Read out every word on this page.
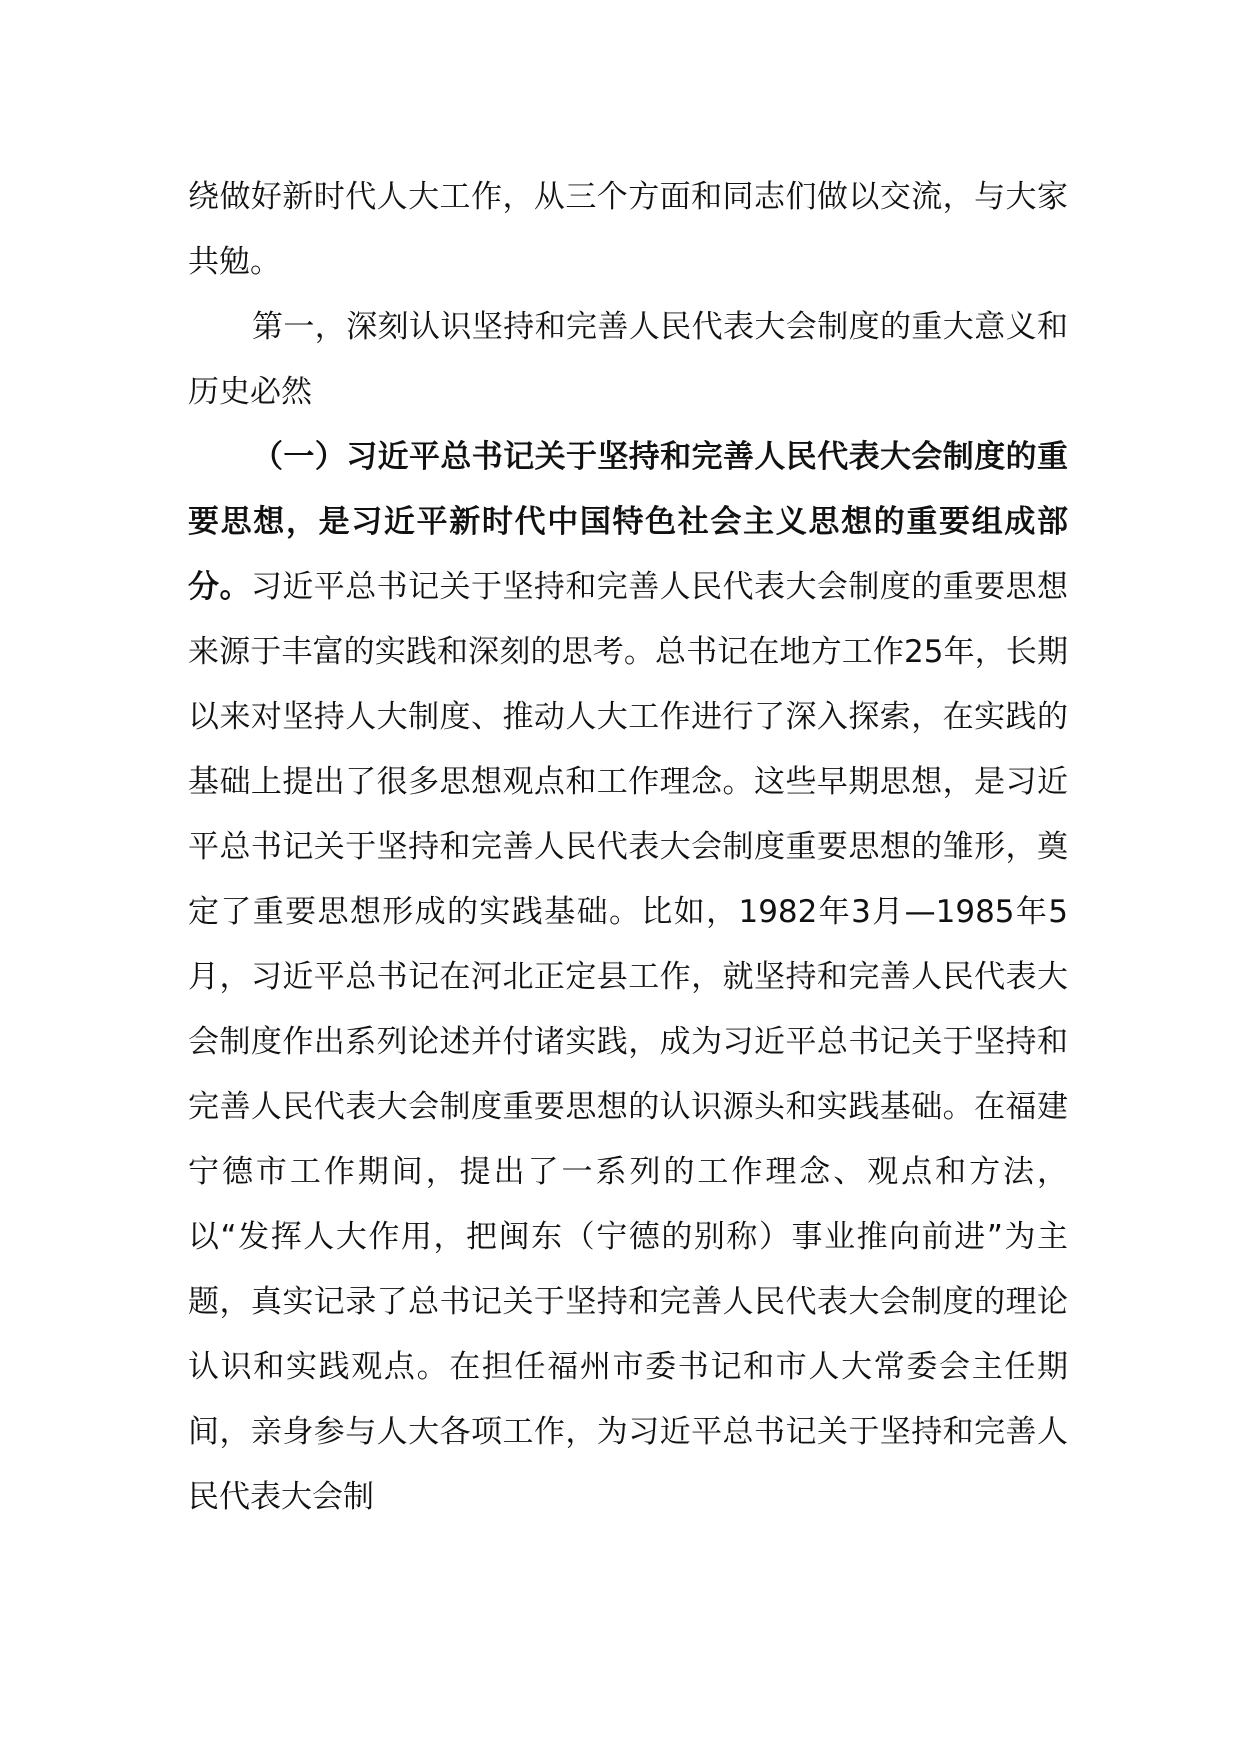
绕做好新时代人大工作，从三个方面和同志们做以交流，与大家共勉。

第一，深刻认识坚持和完善人民代表大会制度的重大意义和历史必然

（一）习近平总书记关于坚持和完善人民代表大会制度的重要思想，是习近平新时代中国特色社会主义思想的重要组成部分。习近平总书记关于坚持和完善人民代表大会制度的重要思想来源于丰富的实践和深刻的思考。总书记在地方工作25年，长期以来对坚持人大制度、推动人大工作进行了深入探索，在实践的基础上提出了很多思想观点和工作理念。这些早期思想，是习近平总书记关于坚持和完善人民代表大会制度重要思想的雏形，奠定了重要思想形成的实践基础。比如，1982年3月—1985年5月，习近平总书记在河北正定县工作，就坚持和完善人民代表大会制度作出系列论述并付诸实践，成为习近平总书记关于坚持和完善人民代表大会制度重要思想的认识源头和实践基础。在福建宁德市工作期间，提出了一系列的工作理念、观点和方法，以“发挥人大作用，把闽东（宁德的别称）事业推向前进”为主题，真实记录了总书记关于坚持和完善人民代表大会制度的理论认识和实践观点。在担任福州市委书记和市人大常委会主任期间，亲身参与人大各项工作，为习近平总书记关于坚持和完善人民代表大会制
